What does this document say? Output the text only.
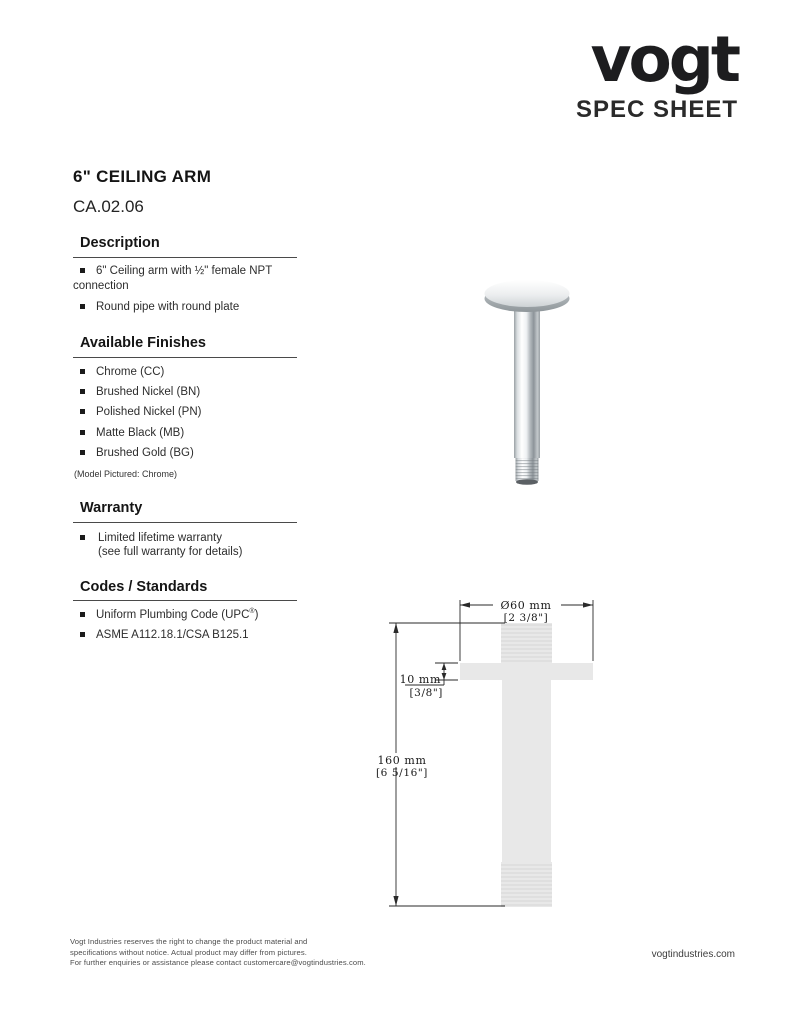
vogt
SPEC SHEET
6" CEILING ARM
CA.02.06
Description
6" Ceiling arm with ½" female NPT connection
Round pipe with round plate
Available Finishes
Chrome (CC)
Brushed Nickel (BN)
Polished Nickel (PN)
Matte Black (MB)
Brushed Gold (BG)
(Model Pictured: Chrome)
Warranty
Limited lifetime warranty
(see full warranty for details)
Codes / Standards
Uniform Plumbing Code (UPC®)
ASME A112.18.1/CSA B125.1
Ø60 mm
[2 3/8"]
160 mm
[6 5/16"]
10 mm
[3/8"]
Vogt Industries reserves the right to change the product material and
specifications without notice. Actual product may differ from pictures.
For further enquiries or assistance please contact customercare@vogtindustries.com.
vogtindustries.com
